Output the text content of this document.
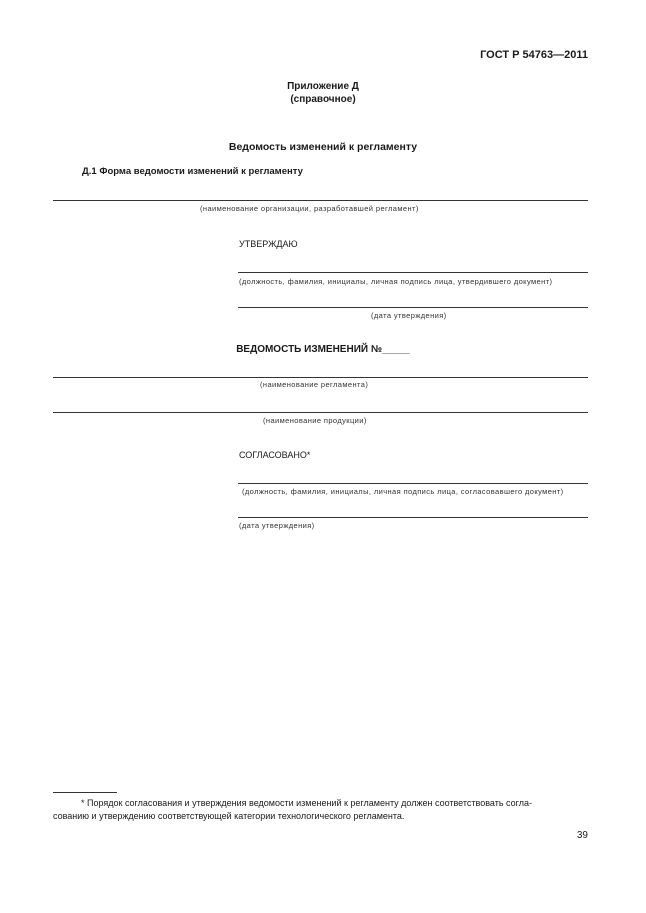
ГОСТ Р 54763—2011
Приложение Д
(справочное)
Ведомость изменений к регламенту
Д.1 Форма ведомости изменений к регламенту
(наименование организации, разработавшей регламент)
УТВЕРЖДАЮ
(должность, фамилия, инициалы, личная подпись лица, утвердившего документ)
(дата утверждения)
ВЕДОМОСТЬ ИЗМЕНЕНИЙ №_____
(наименование регламента)
(наименование продукции)
СОГЛАСОВАНО*
(должность, фамилия, инициалы, личная подпись лица, согласовавшего документ)
(дата утверждения)
* Порядок согласования и утверждения ведомости изменений к регламенту должен соответствовать согла-
сованию и утверждению соответствующей категории технологического регламента.
39
